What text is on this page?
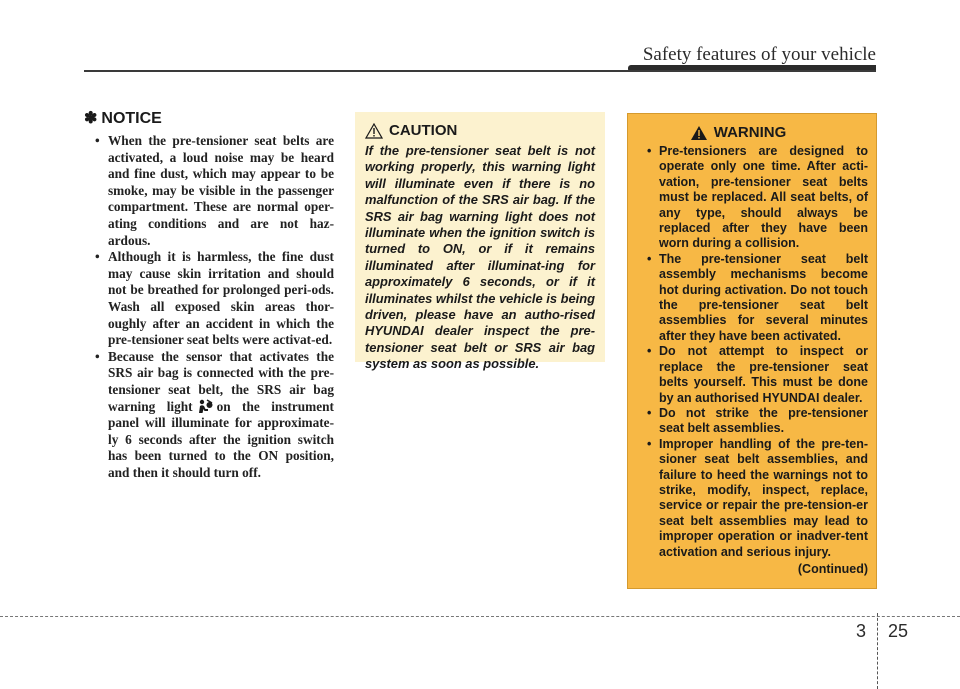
Safety features of your vehicle
✽ NOTICE
• When the pre-tensioner seat belts are activated, a loud noise may be heard and fine dust, which may appear to be smoke, may be visible in the passenger compartment. These are normal oper-ating conditions and are not haz-ardous.
• Although it is harmless, the fine dust may cause skin irritation and should not be breathed for prolonged peri-ods. Wash all exposed skin areas thor-oughly after an accident in which the pre-tensioner seat belts were activat-ed.
• Because the sensor that activates the SRS air bag is connected with the pre-tensioner seat belt, the SRS air bag warning light on the instrument panel will illuminate for approximate-ly 6 seconds after the ignition switch has been turned to the ON position, and then it should turn off.
CAUTION
If the pre-tensioner seat belt is not working properly, this warning light will illuminate even if there is no malfunction of the SRS air bag. If the SRS air bag warning light does not illuminate when the ignition switch is turned to ON, or if it remains illuminated after illuminat-ing for approximately 6 seconds, or if it illuminates whilst the vehicle is being driven, please have an autho-rised HYUNDAI dealer inspect the pre-tensioner seat belt or SRS air bag system as soon as possible.
WARNING
• Pre-tensioners are designed to operate only one time. After acti-vation, pre-tensioner seat belts must be replaced. All seat belts, of any type, should always be replaced after they have been worn during a collision.
• The pre-tensioner seat belt assembly mechanisms become hot during activation. Do not touch the pre-tensioner seat belt assemblies for several minutes after they have been activated.
• Do not attempt to inspect or replace the pre-tensioner seat belts yourself. This must be done by an authorised HYUNDAI dealer.
• Do not strike the pre-tensioner seat belt assemblies.
• Improper handling of the pre-ten-sioner seat belt assemblies, and failure to heed the warnings not to strike, modify, inspect, replace, service or repair the pre-tension-er seat belt assemblies may lead to improper operation or inadver-tent activation and serious injury.
(Continued)
3 25
